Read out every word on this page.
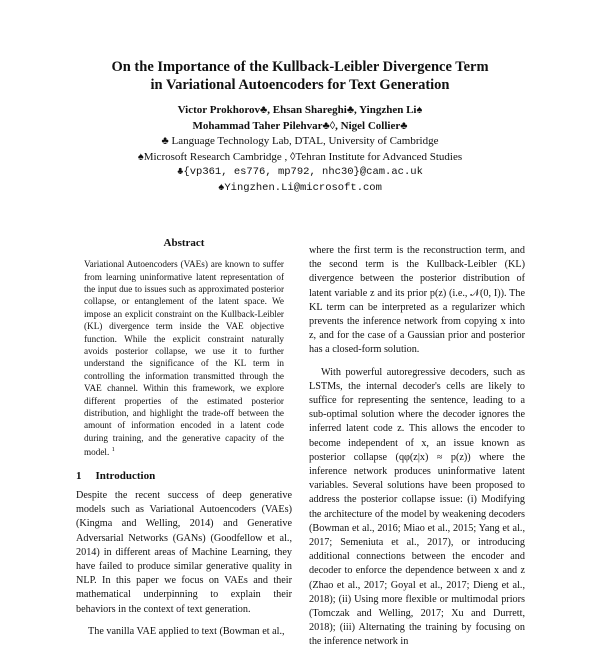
On the Importance of the Kullback-Leibler Divergence Term
in Variational Autoencoders for Text Generation
Victor Prokhorov♣, Ehsan Shareghi♣, Yingzhen Li♠
Mohammad Taher Pilehvar♣◊, Nigel Collier♣
♣ Language Technology Lab, DTAL, University of Cambridge
♠Microsoft Research Cambridge , ◊Tehran Institute for Advanced Studies
♣{vp361, es776, mp792, nhc30}@cam.ac.uk
♠Yingzhen.Li@microsoft.com
Abstract

Variational Autoencoders (VAEs) are known to suffer from learning uninformative latent representation of the input due to issues such as approximated posterior collapse, or entanglement of the latent space. We impose an explicit constraint on the Kullback-Leibler (KL) divergence term inside the VAE objective function. While the explicit constraint naturally avoids posterior collapse, we use it to further understand the significance of the KL term in controlling the information transmitted through the VAE channel. Within this framework, we explore different properties of the estimated posterior distribution, and highlight the trade-off between the amount of information encoded in a latent code during training, and the generative capacity of the model. $^1$

1 Introduction

Despite the recent success of deep generative models such as Variational Autoencoders (VAEs) (Kingma and Welling, 2014) and Generative Adversarial Networks (GANs) (Goodfellow et al., 2014) in different areas of Machine Learning, they have failed to produce similar generative quality in NLP. In this paper we focus on VAEs and their mathematical underpinning to explain their behaviors in the context of text generation.

The vanilla VAE applied to text (Bowman et al.,

where the first term is the reconstruction term, and the second term is the Kullback-Leibler (KL) divergence between the posterior distribution of latent variable z and its prior p(z) (i.e., 𝒩(0, I)). The KL term can be interpreted as a regularizer which prevents the inference network from copying x into z, and for the case of a Gaussian prior and posterior has a closed-form solution.

With powerful autoregressive decoders, such as LSTMs, the internal decoder's cells are likely to suffice for representing the sentence, leading to a sub-optimal solution where the decoder ignores the inferred latent code z. This allows the encoder to become independent of x, an issue known as posterior collapse (qφ(z|x) ≈ p(z)) where the inference network produces uninformative latent variables. Several solutions have been proposed to address the posterior collapse issue: (i) Modifying the architecture of the model by weakening decoders (Bowman et al., 2016; Miao et al., 2015; Yang et al., 2017; Semeniuta et al., 2017), or introducing additional connections between the encoder and decoder to enforce the dependence between x and z (Zhao et al., 2017; Goyal et al., 2017; Dieng et al., 2018); (ii) Using more flexible or multimodal priors (Tomczak and Welling, 2017; Xu and Durrett, 2018); (iii) Alternating the training by focusing on the inference network in
